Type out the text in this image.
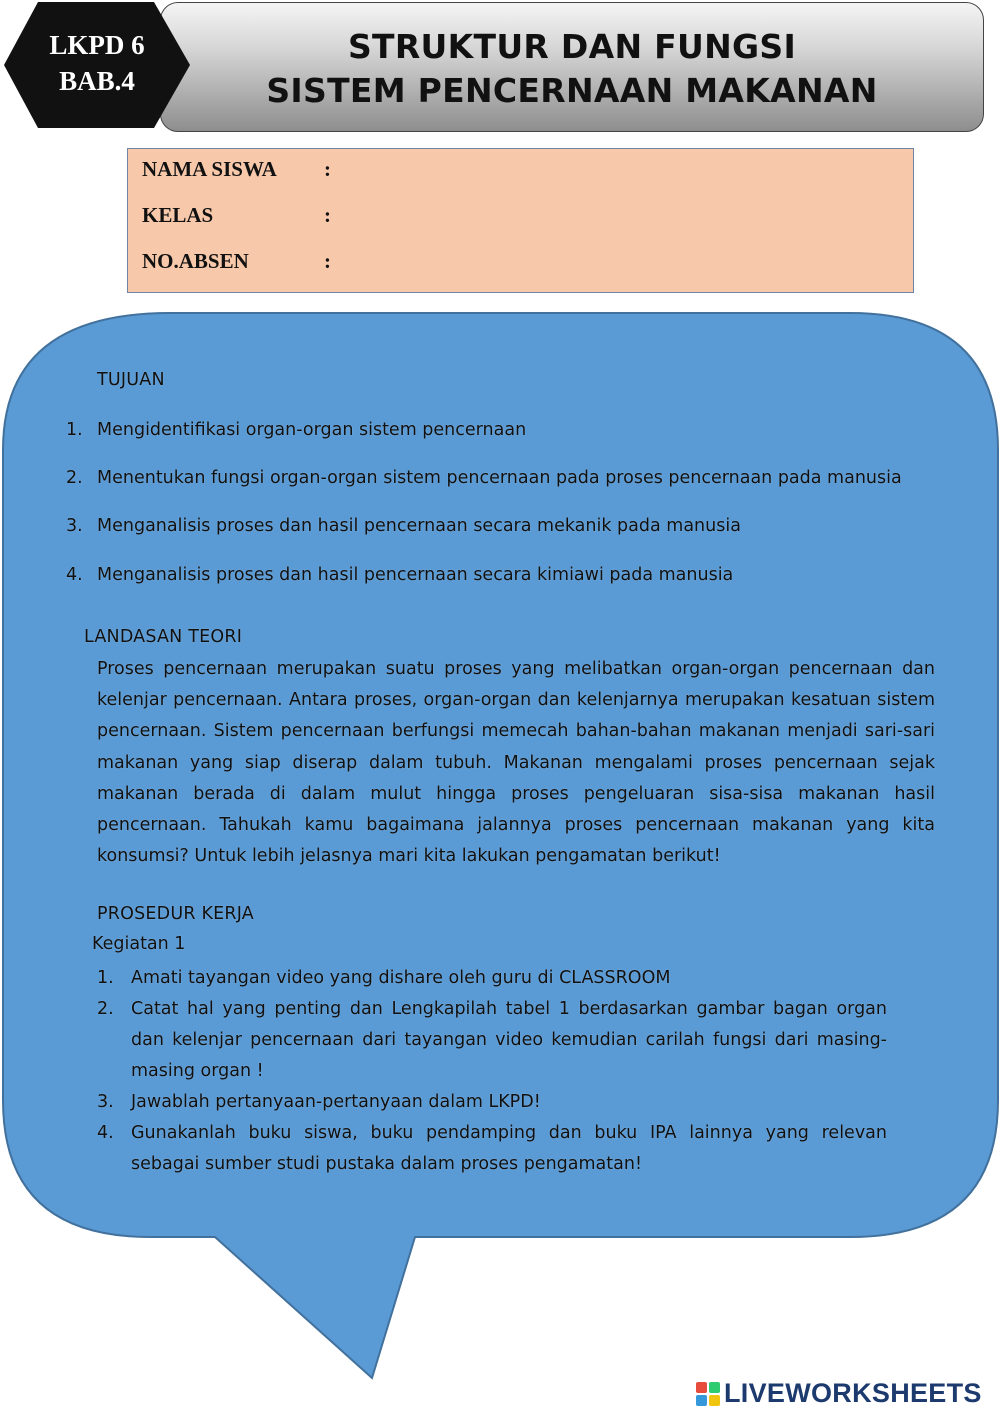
STRUKTUR DAN FUNGSI
SISTEM PENCERNAAN MAKANAN
LKPD 6
BAB.4
NAMA SISWA :
KELAS	:
NO.ABSEN	:
TUJUAN
1. Mengidentifikasi organ-organ sistem pencernaan
2. Menentukan fungsi organ-organ sistem pencernaan pada proses pencernaan pada manusia
3. Menganalisis proses dan hasil pencernaan secara mekanik pada manusia
4. Menganalisis proses dan hasil pencernaan secara kimiawi pada manusia
LANDASAN TEORI
Proses pencernaan merupakan suatu proses yang melibatkan organ-organ pencernaan dan kelenjar pencernaan. Antara proses, organ-organ dan kelenjarnya merupakan kesatuan sistem pencernaan. Sistem pencernaan berfungsi memecah bahan-bahan makanan menjadi sari-sari makanan yang siap diserap dalam tubuh. Makanan mengalami proses pencernaan sejak makanan berada di dalam mulut hingga proses pengeluaran sisa-sisa makanan hasil pencernaan. Tahukah kamu bagaimana jalannya proses pencernaan makanan yang kita konsumsi? Untuk lebih jelasnya mari kita lakukan pengamatan berikut!
PROSEDUR KERJA
Kegiatan 1
1. Amati tayangan video yang dishare oleh guru di CLASSROOM
2. Catat hal yang penting dan Lengkapilah tabel 1 berdasarkan gambar bagan organ dan kelenjar pencernaan dari tayangan video kemudian carilah fungsi dari masing-masing organ !
3. Jawablah pertanyaan-pertanyaan dalam LKPD!
4. Gunakanlah buku siswa, buku pendamping dan buku IPA lainnya yang relevan sebagai sumber studi pustaka dalam proses pengamatan!
LIVEWORKSHEETS
